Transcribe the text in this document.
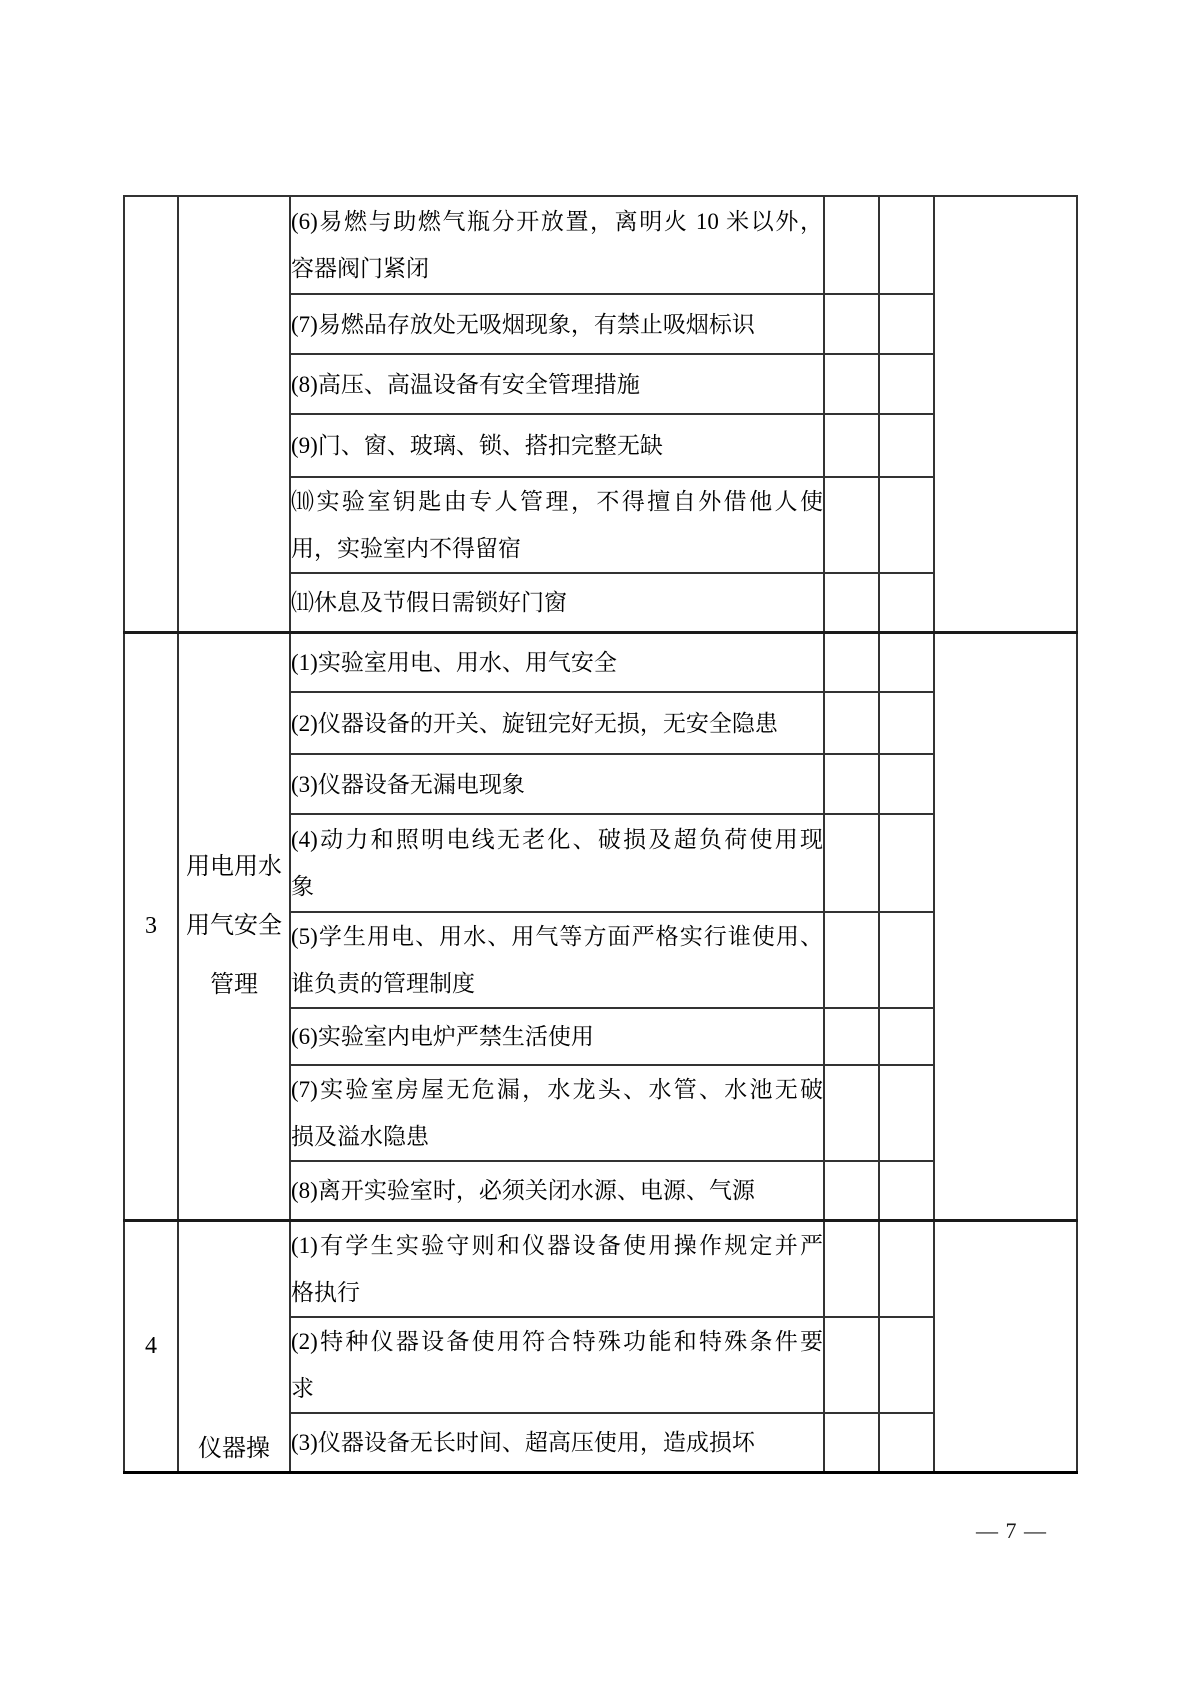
		(6)易燃与助燃气瓶分开放置，离明火 10 米以外，
容器阀门紧闭			

		(7)易燃品存放处无吸烟现象，有禁止吸烟标识			

		(8)高压、高温设备有安全管理措施			

		(9)门、窗、玻璃、锁、搭扣完整无缺			

		⑽实验室钥匙由专人管理，不得擅自外借他人使
用，实验室内不得留宿			

		⑾休息及节假日需锁好门窗			

3	用电用水用气安全管理	(1)实验室用电、用水、用气安全			

		(2)仪器设备的开关、旋钮完好无损，无安全隐患			

		(3)仪器设备无漏电现象			

		(4)动力和照明电线无老化、破损及超负荷使用现
象			

		(5)学生用电、用水、用气等方面严格实行谁使用、
谁负责的管理制度			

		(6)实验室内电炉严禁生活使用			

		(7)实验室房屋无危漏，水龙头、水管、水池无破
损及溢水隐患			

		(8)离开实验室时，必须关闭水源、电源、气源			

4	仪器操	(1)有学生实验守则和仪器设备使用操作规定并严
格执行			

		(2)特种仪器设备使用符合特殊功能和特殊条件要
求			

		(3)仪器设备无长时间、超高压使用，造成损坏			

— 7 —
